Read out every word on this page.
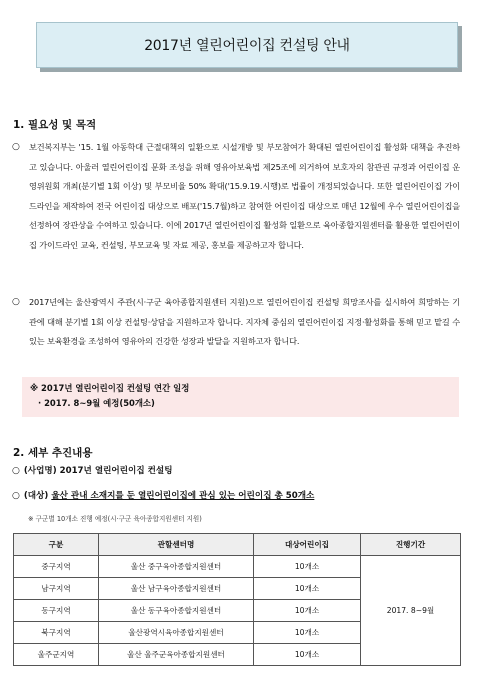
2017년 열린어린이집 컨설팅 안내
1. 필요성 및 목적
○ 보건복지부는 '15. 1월 아동학대 근절대책의 일환으로 시설개방 및 부모참여가 확대된 열린어린이집 활성화 대책을 추진하고 있습니다. 아울러 열린어린이집 문화 조성을 위해 영유아보육법 제25조에 의거하여 보호자의 참관권 규정과 어린이집 운영위원회 개최(분기별 1회 이상) 및 부모비율 50% 확대('15.9.19.시행)로 법률이 개정되었습니다. 또한 열린어린이집 가이드라인을 제작하여 전국 어린이집 대상으로 배포('15.7월)하고 참여한 어린이집 대상으로 매년 12월에 우수 열린어린이집을 선정하여 장관상을 수여하고 있습니다. 이에 2017년 열린어린이집 활성화 일환으로 육아종합지원센터를 활용한 열린어린이집 가이드라인 교육, 컨설팅, 부모교육 및 자료 제공, 홍보를 제공하고자 합니다.
○ 2017년에는 울산광역시 주관(시·구군 육아종합지원센터 지원)으로 열린어린이집 컨설팅 희망조사를 실시하여 희망하는 기관에 대해 분기별 1회 이상 컨설팅·상담을 지원하고자 합니다. 지자체 중심의 열린어린이집 지정·활성화를 통해 믿고 맡길 수 있는 보육환경을 조성하여 영유아의 건강한 성장과 발달을 지원하고자 합니다.
※ 2017년 열린어린이집 컨설팅 연간 일정
· 2017. 8~9월 예정(50개소)
2. 세부 추진내용
○ (사업명) 2017년 열린어린이집 컨설팅
○ (대상) 울산 관내 소재지를 둔 열린어린이집에 관심 있는 어린이집 총 50개소
※ 구군별 10개소 진행 예정(시·구군 육아종합지원센터 지원)
구분	관할센터명	대상어린이집	진행기간
중구지역	울산 중구육아종합지원센터	10개소	2017. 8~9월
남구지역	울산 남구육아종합지원센터	10개소	
동구지역	울산 동구육아종합지원센터	10개소	
북구지역	울산광역시육아종합지원센터	10개소	
울주군지역	울산 울주군육아종합지원센터	10개소	
